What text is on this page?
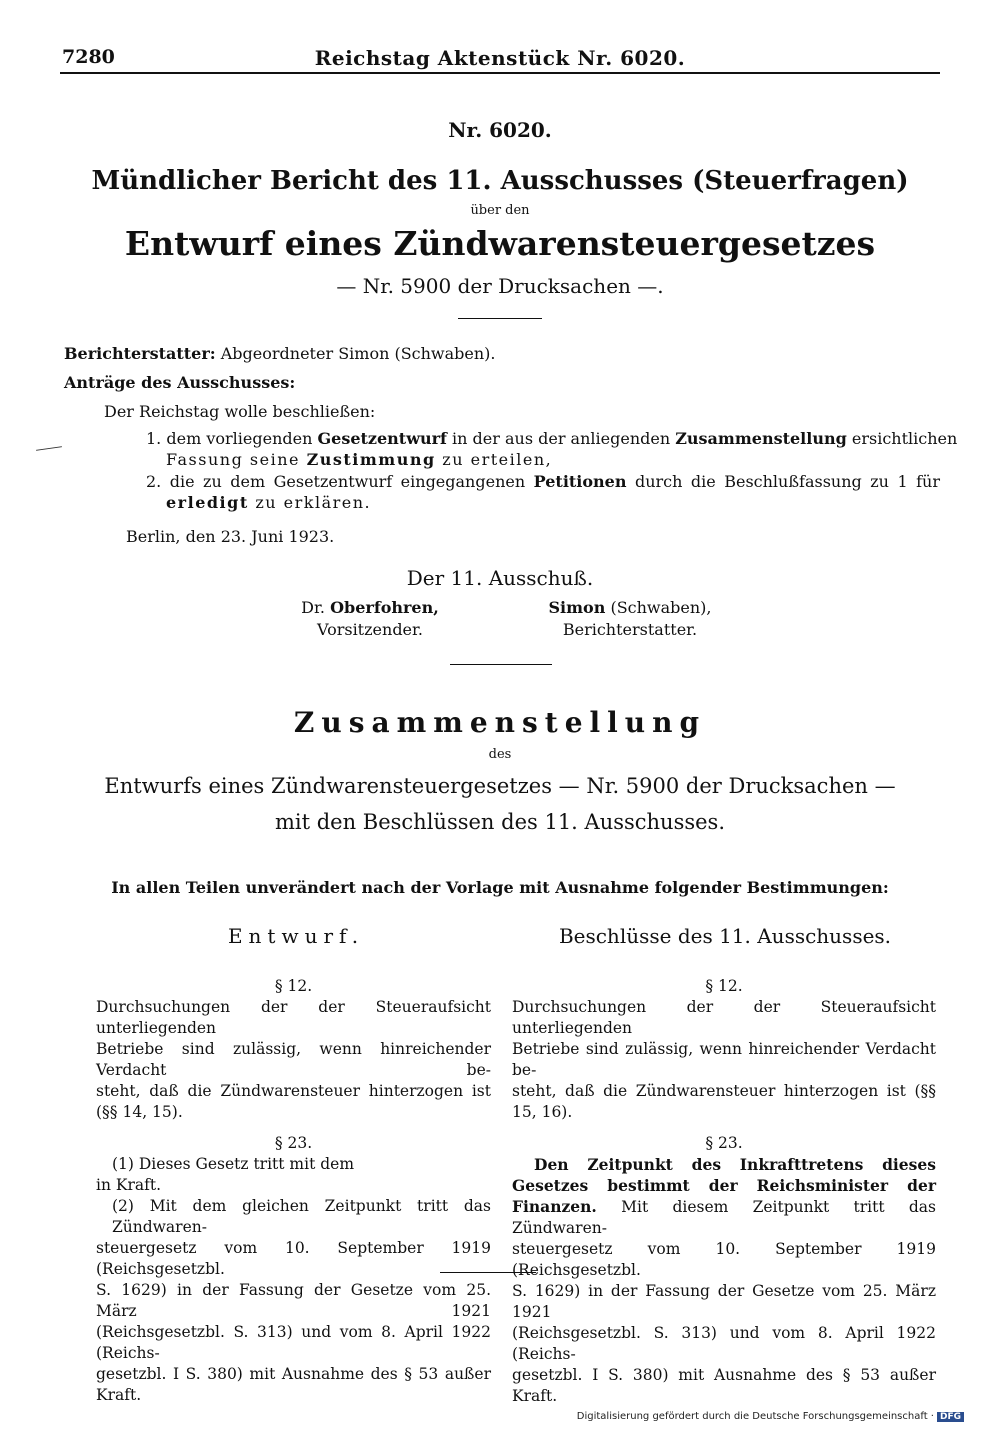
7280	Reichstag Aktenstück Nr. 6020.
Nr. 6020.
Mündlicher Bericht des 11. Ausschusses (Steuerfragen)
über den
Entwurf eines Zündwarensteuergesetzes
— Nr. 5900 der Drucksachen —.
Berichterstatter: Abgeordneter Simon (Schwaben).
Anträge des Ausschusses:
Der Reichstag wolle beschließen:
1. dem vorliegenden Gesetzentwurf in der aus der anliegenden Zusammenstellung ersichtlichen
Fassung seine Zustimmung zu erteilen,
2. die zu dem Gesetzentwurf eingegangenen Petitionen durch die Beschlußfassung zu 1 für
erledigt zu erklären.
Berlin, den 23. Juni 1923.
Der 11. Ausschuß.
Dr. Oberfohren,
Vorsitzender.
Simon (Schwaben),
Berichterstatter.
Zusammenstellung
des
Entwurfs eines Zündwarensteuergesetzes — Nr. 5900 der Drucksachen —
mit den Beschlüssen des 11. Ausschusses.
In allen Teilen unverändert nach der Vorlage mit Ausnahme folgender Bestimmungen:
Entwurf.	Beschlüsse des 11. Ausschusses.
§ 12.

Durchsuchungen der der Steueraufsicht unterliegenden

Betriebe sind zulässig, wenn hinreichender Verdacht be-

steht, daß die Zündwarensteuer hinterzogen ist (§§ 14, 15).

§ 23.

(1) Dieses Gesetz tritt mit dem

in Kraft.

(2) Mit dem gleichen Zeitpunkt tritt das Zündwaren-

steuergesetz vom 10. September 1919 (Reichsgesetzbl.

S. 1629) in der Fassung der Gesetze vom 25. März 1921

(Reichsgesetzbl. S. 313) und vom 8. April 1922 (Reichs-

gesetzbl. I S. 380) mit Ausnahme des § 53 außer Kraft.

§ 12.

Durchsuchungen der der Steueraufsicht unterliegenden

Betriebe sind zulässig, wenn hinreichender Verdacht be-

steht, daß die Zündwarensteuer hinterzogen ist (§§ 15, 16).

§ 23.

Den Zeitpunkt des Inkrafttretens dieses

Gesetzes bestimmt der Reichsminister der

Finanzen. Mit diesem Zeitpunkt tritt das Zündwaren-

steuergesetz vom 10. September 1919 (Reichsgesetzbl.

S. 1629) in der Fassung der Gesetze vom 25. März 1921

(Reichsgesetzbl. S. 313) und vom 8. April 1922 (Reichs-

gesetzbl. I S. 380) mit Ausnahme des § 53 außer Kraft.

Digitalisierung gefördert durch die Deutsche Forschungsgemeinschaft · DFG
